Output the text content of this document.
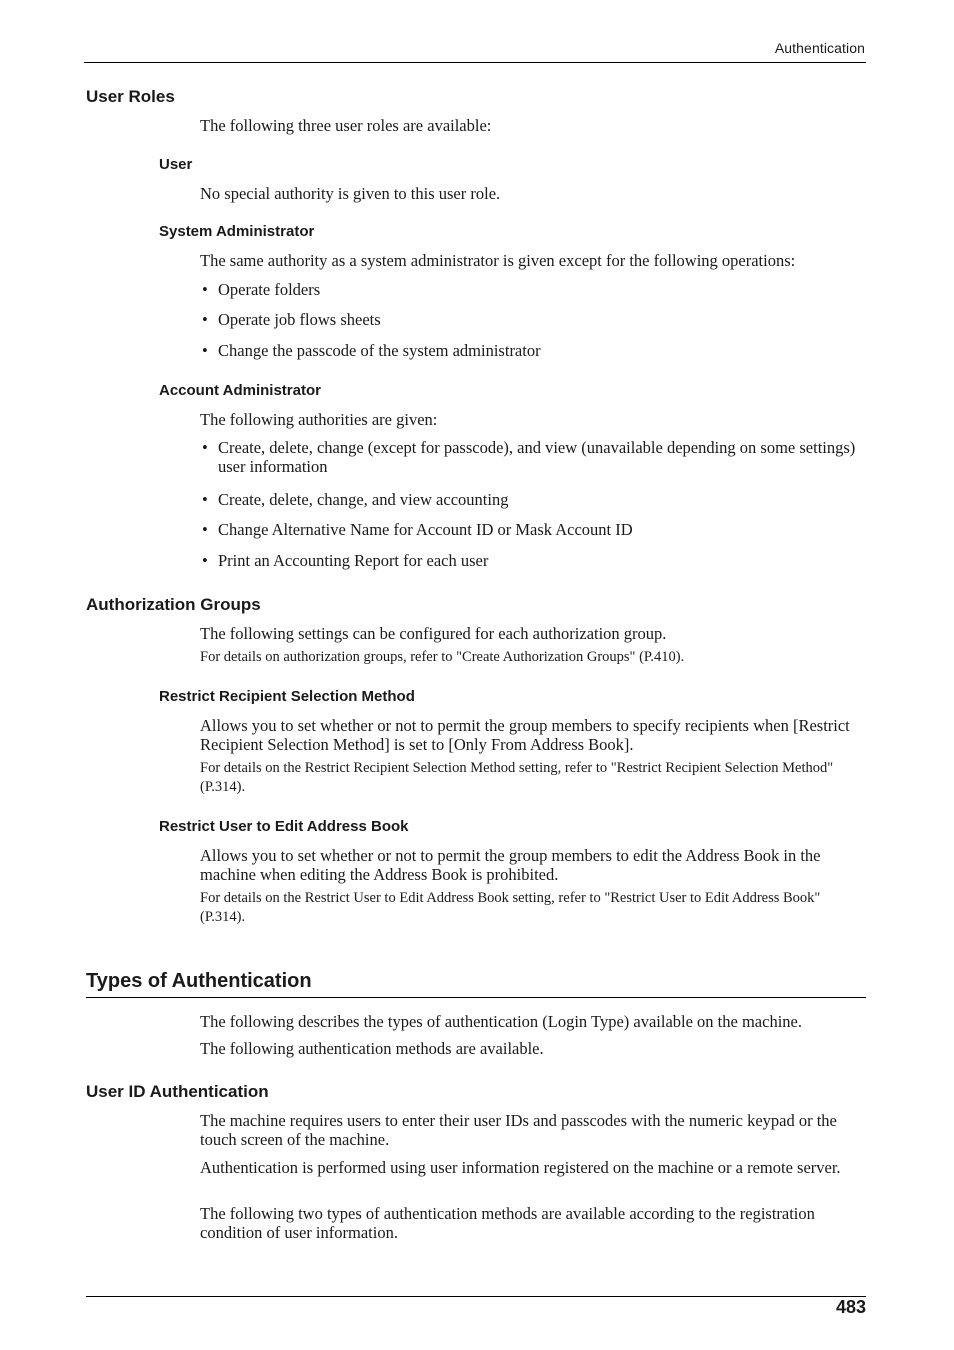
Authentication
User Roles
The following three user roles are available:
User
No special authority is given to this user role.
System Administrator
The same authority as a system administrator is given except for the following operations:
• Operate folders
• Operate job flows sheets
• Change the passcode of the system administrator
Account Administrator
The following authorities are given:
• Create, delete, change (except for passcode), and view (unavailable depending on some settings) user information
• Create, delete, change, and view accounting
• Change Alternative Name for Account ID or Mask Account ID
• Print an Accounting Report for each user
Authorization Groups
The following settings can be configured for each authorization group.
For details on authorization groups, refer to "Create Authorization Groups" (P.410).
Restrict Recipient Selection Method
Allows you to set whether or not to permit the group members to specify recipients when [Restrict Recipient Selection Method] is set to [Only From Address Book].
For details on the Restrict Recipient Selection Method setting, refer to "Restrict Recipient Selection Method" (P.314).
Restrict User to Edit Address Book
Allows you to set whether or not to permit the group members to edit the Address Book in the machine when editing the Address Book is prohibited.
For details on the Restrict User to Edit Address Book setting, refer to "Restrict User to Edit Address Book" (P.314).
Types of Authentication
The following describes the types of authentication (Login Type) available on the machine.
The following authentication methods are available.
User ID Authentication
The machine requires users to enter their user IDs and passcodes with the numeric keypad or the touch screen of the machine.
Authentication is performed using user information registered on the machine or a remote server.
The following two types of authentication methods are available according to the registration condition of user information.
483
